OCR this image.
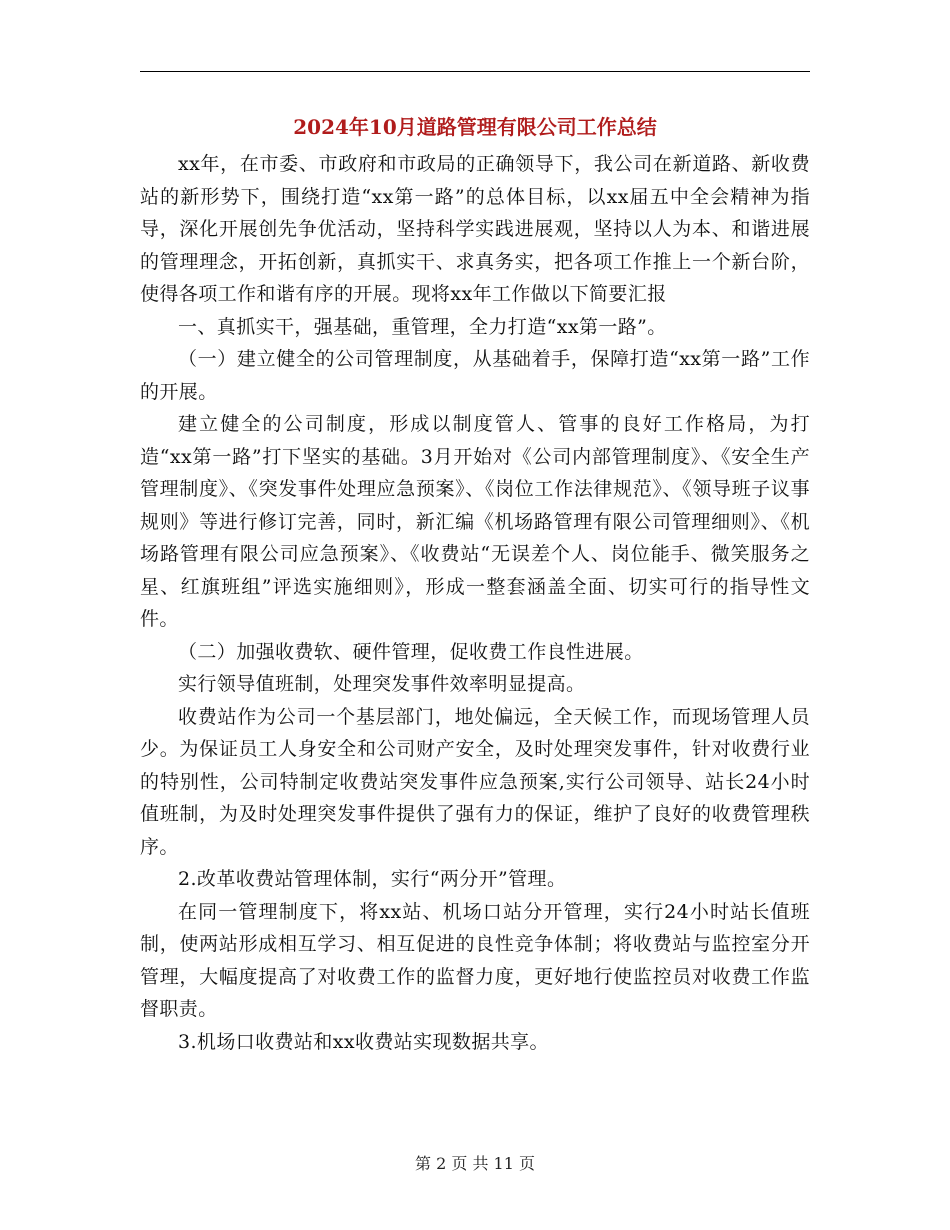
2024年10月道路管理有限公司工作总结

xx年，在市委、市政府和市政局的正确领导下，我公司在新道路、新收费站的新形势下，围绕打造“xx第一路”的总体目标，以xx届五中全会精神为指导，深化开展创先争优活动，坚持科学实践进展观，坚持以人为本、和谐进展的管理理念，开拓创新，真抓实干、求真务实，把各项工作推上一个新台阶，使得各项工作和谐有序的开展。现将xx年工作做以下简要汇报

一、真抓实干，强基础，重管理，全力打造“xx第一路”。

（一）建立健全的公司管理制度，从基础着手，保障打造“xx第一路”工作的开展。

建立健全的公司制度，形成以制度管人、管事的良好工作格局，为打造“xx第一路”打下坚实的基础。3月开始对《公司内部管理制度》、《安全生产管理制度》、《突发事件处理应急预案》、《岗位工作法律规范》、《领导班子议事规则》等进行修订完善，同时，新汇编《机场路管理有限公司管理细则》、《机场路管理有限公司应急预案》、《收费站“无误差个人、岗位能手、微笑服务之星、红旗班组”评选实施细则》，形成一整套涵盖全面、切实可行的指导性文件。

（二）加强收费软、硬件管理，促收费工作良性进展。

实行领导值班制，处理突发事件效率明显提高。

收费站作为公司一个基层部门，地处偏远，全天候工作，而现场管理人员少。为保证员工人身安全和公司财产安全，及时处理突发事件，针对收费行业的特别性，公司特制定收费站突发事件应急预案,实行公司领导、站长24小时值班制，为及时处理突发事件提供了强有力的保证，维护了良好的收费管理秩序。

2.改革收费站管理体制，实行“两分开”管理。

在同一管理制度下，将xx站、机场口站分开管理，实行24小时站长值班制，使两站形成相互学习、相互促进的良性竞争体制；将收费站与监控室分开管理，大幅度提高了对收费工作的监督力度，更好地行使监控员对收费工作监督职责。

3.机场口收费站和xx收费站实现数据共享。

第 2 页 共 11 页
